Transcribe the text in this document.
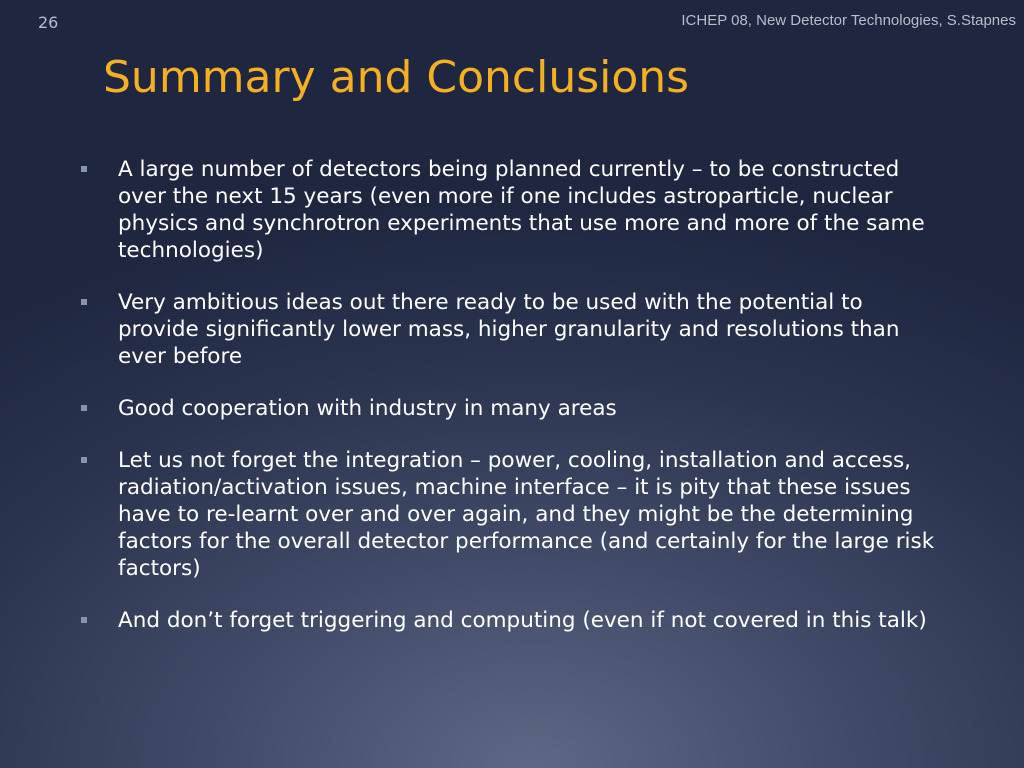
26	ICHEP 08, New Detector Technologies, S.Stapnes
Summary and Conclusions
A large number of detectors being planned currently – to be constructed over the next 15 years (even more if one includes astroparticle, nuclear physics and synchrotron experiments that use more and more of the same technologies)
Very ambitious ideas out there ready to be used with the potential to provide significantly lower mass, higher granularity and resolutions than ever before
Good cooperation with industry in many areas
Let us not forget the integration – power, cooling, installation and access, radiation/activation issues, machine interface – it is pity that these issues have to re-learnt over and over again, and they might be the determining factors for the overall detector performance (and certainly for the large risk factors)
And don’t forget triggering and computing (even if not covered in this talk)
